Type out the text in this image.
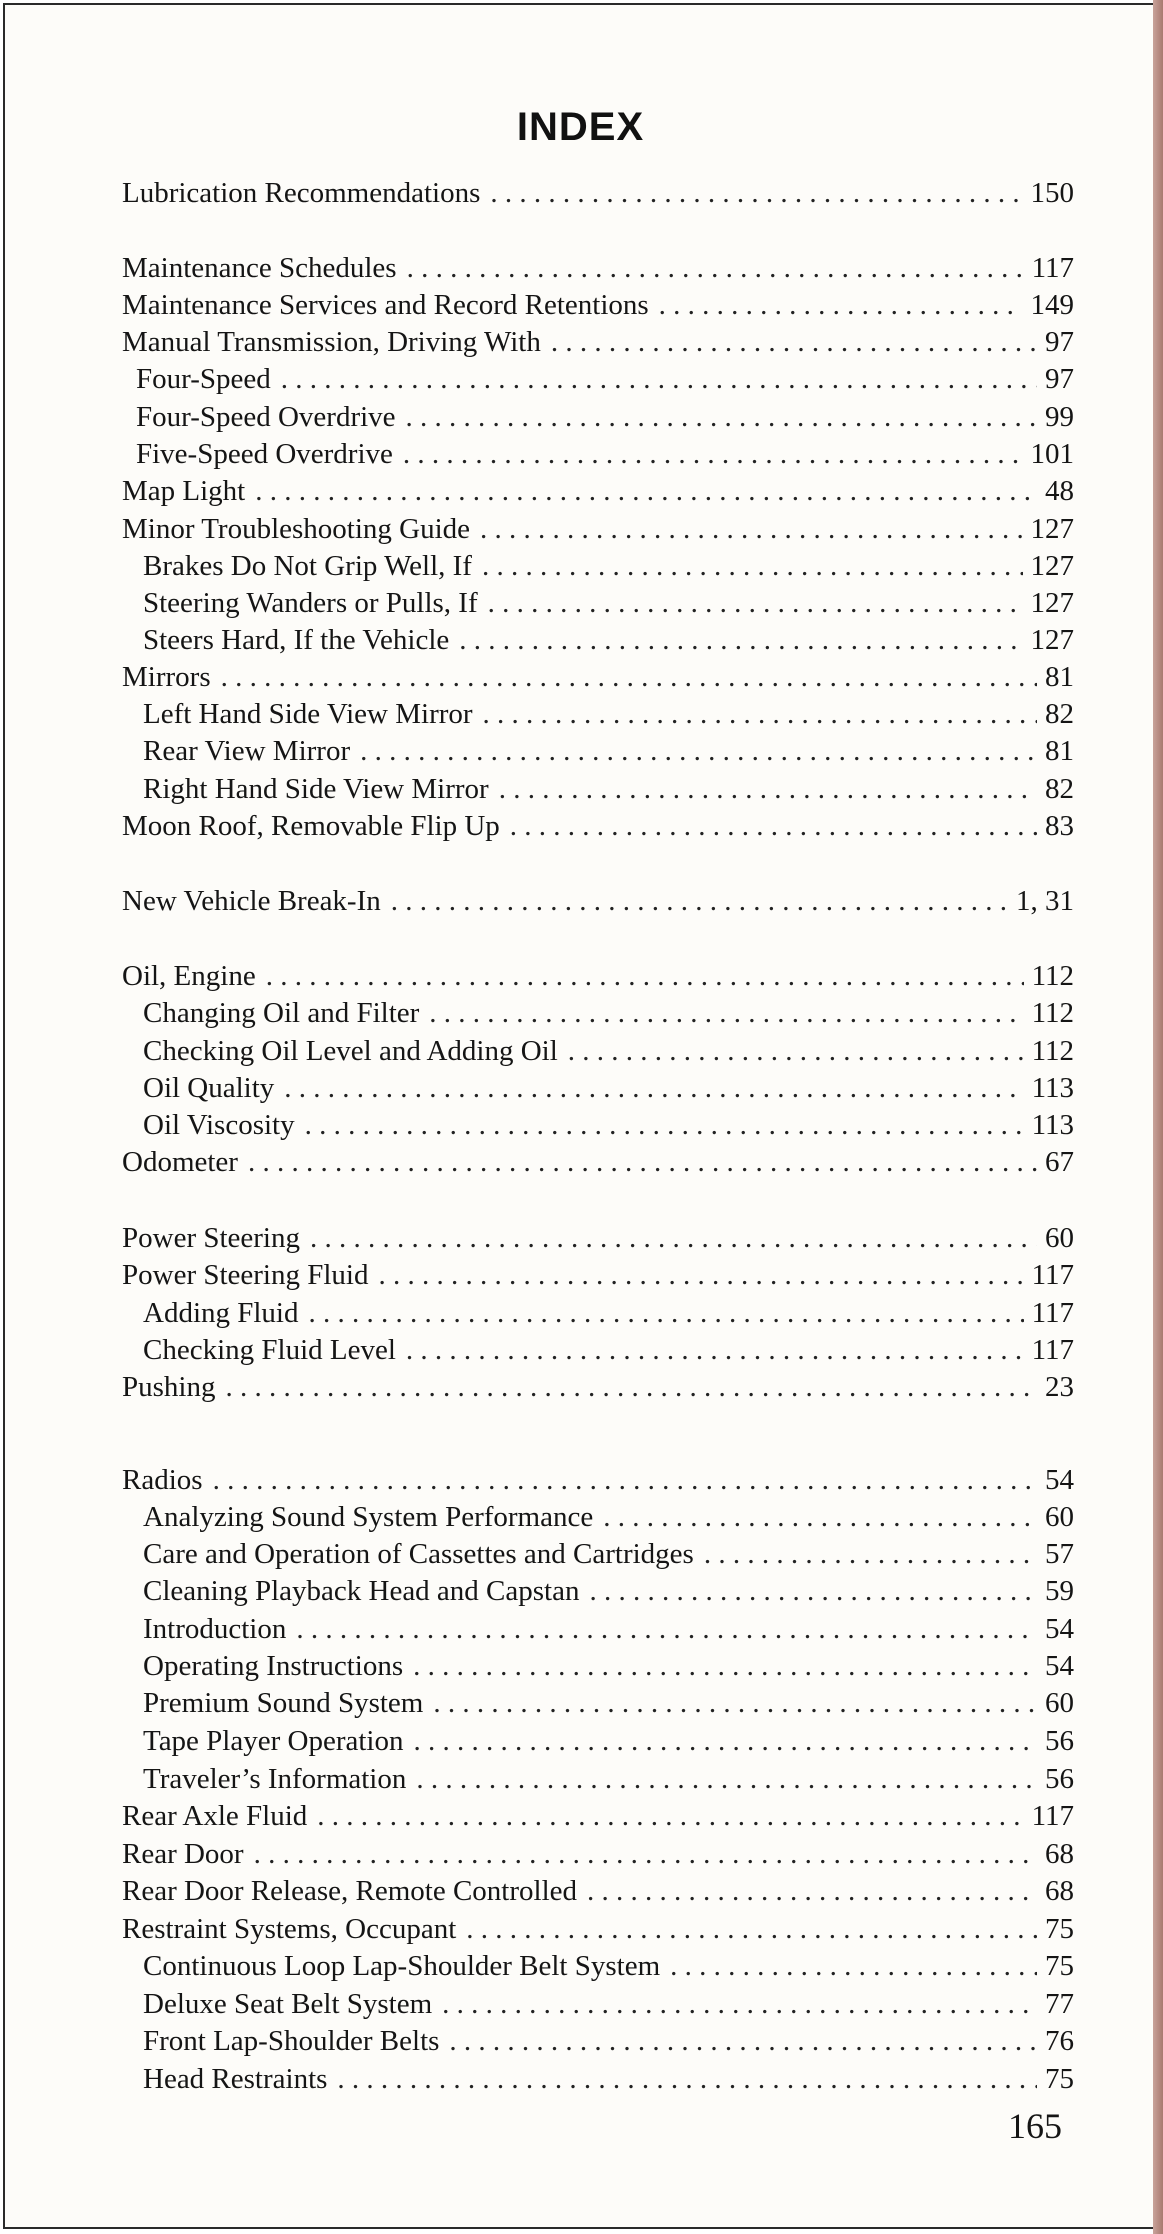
INDEX
Lubrication Recommendations . . .	150
Maintenance Schedules . . .	117
Maintenance Services and Record Retentions . . .	149
Manual Transmission, Driving With . . .	97
Four-Speed . . .	97
Four-Speed Overdrive . . .	99
Five-Speed Overdrive . . .	101
Map Light . . .	48
Minor Troubleshooting Guide . . .	127
Brakes Do Not Grip Well, If . . .	127
Steering Wanders or Pulls, If . . .	127
Steers Hard, If the Vehicle . . .	127
Mirrors . . .	81
Left Hand Side View Mirror . . .	82
Rear View Mirror . . .	81
Right Hand Side View Mirror . . .	82
Moon Roof, Removable Flip Up . . .	83
New Vehicle Break-In . . .	1, 31
Oil, Engine . . .	112
Changing Oil and Filter . . .	112
Checking Oil Level and Adding Oil . . .	112
Oil Quality . . .	113
Oil Viscosity . . .	113
Odometer . . .	67
Power Steering . . .	60
Power Steering Fluid . . .	117
Adding Fluid . . .	117
Checking Fluid Level . . .	117
Pushing . . .	23
Radios . . .	54
Analyzing Sound System Performance . . .	60
Care and Operation of Cassettes and Cartridges . . .	57
Cleaning Playback Head and Capstan . . .	59
Introduction . . .	54
Operating Instructions . . .	54
Premium Sound System . . .	60
Tape Player Operation . . .	56
Traveler’s Information . . .	56
Rear Axle Fluid . . .	117
Rear Door . . .	68
Rear Door Release, Remote Controlled . . .	68
Restraint Systems, Occupant . . .	75
Continuous Loop Lap-Shoulder Belt System . . .	75
Deluxe Seat Belt System . . .	77
Front Lap-Shoulder Belts . . .	76
Head Restraints . . .	75
165
